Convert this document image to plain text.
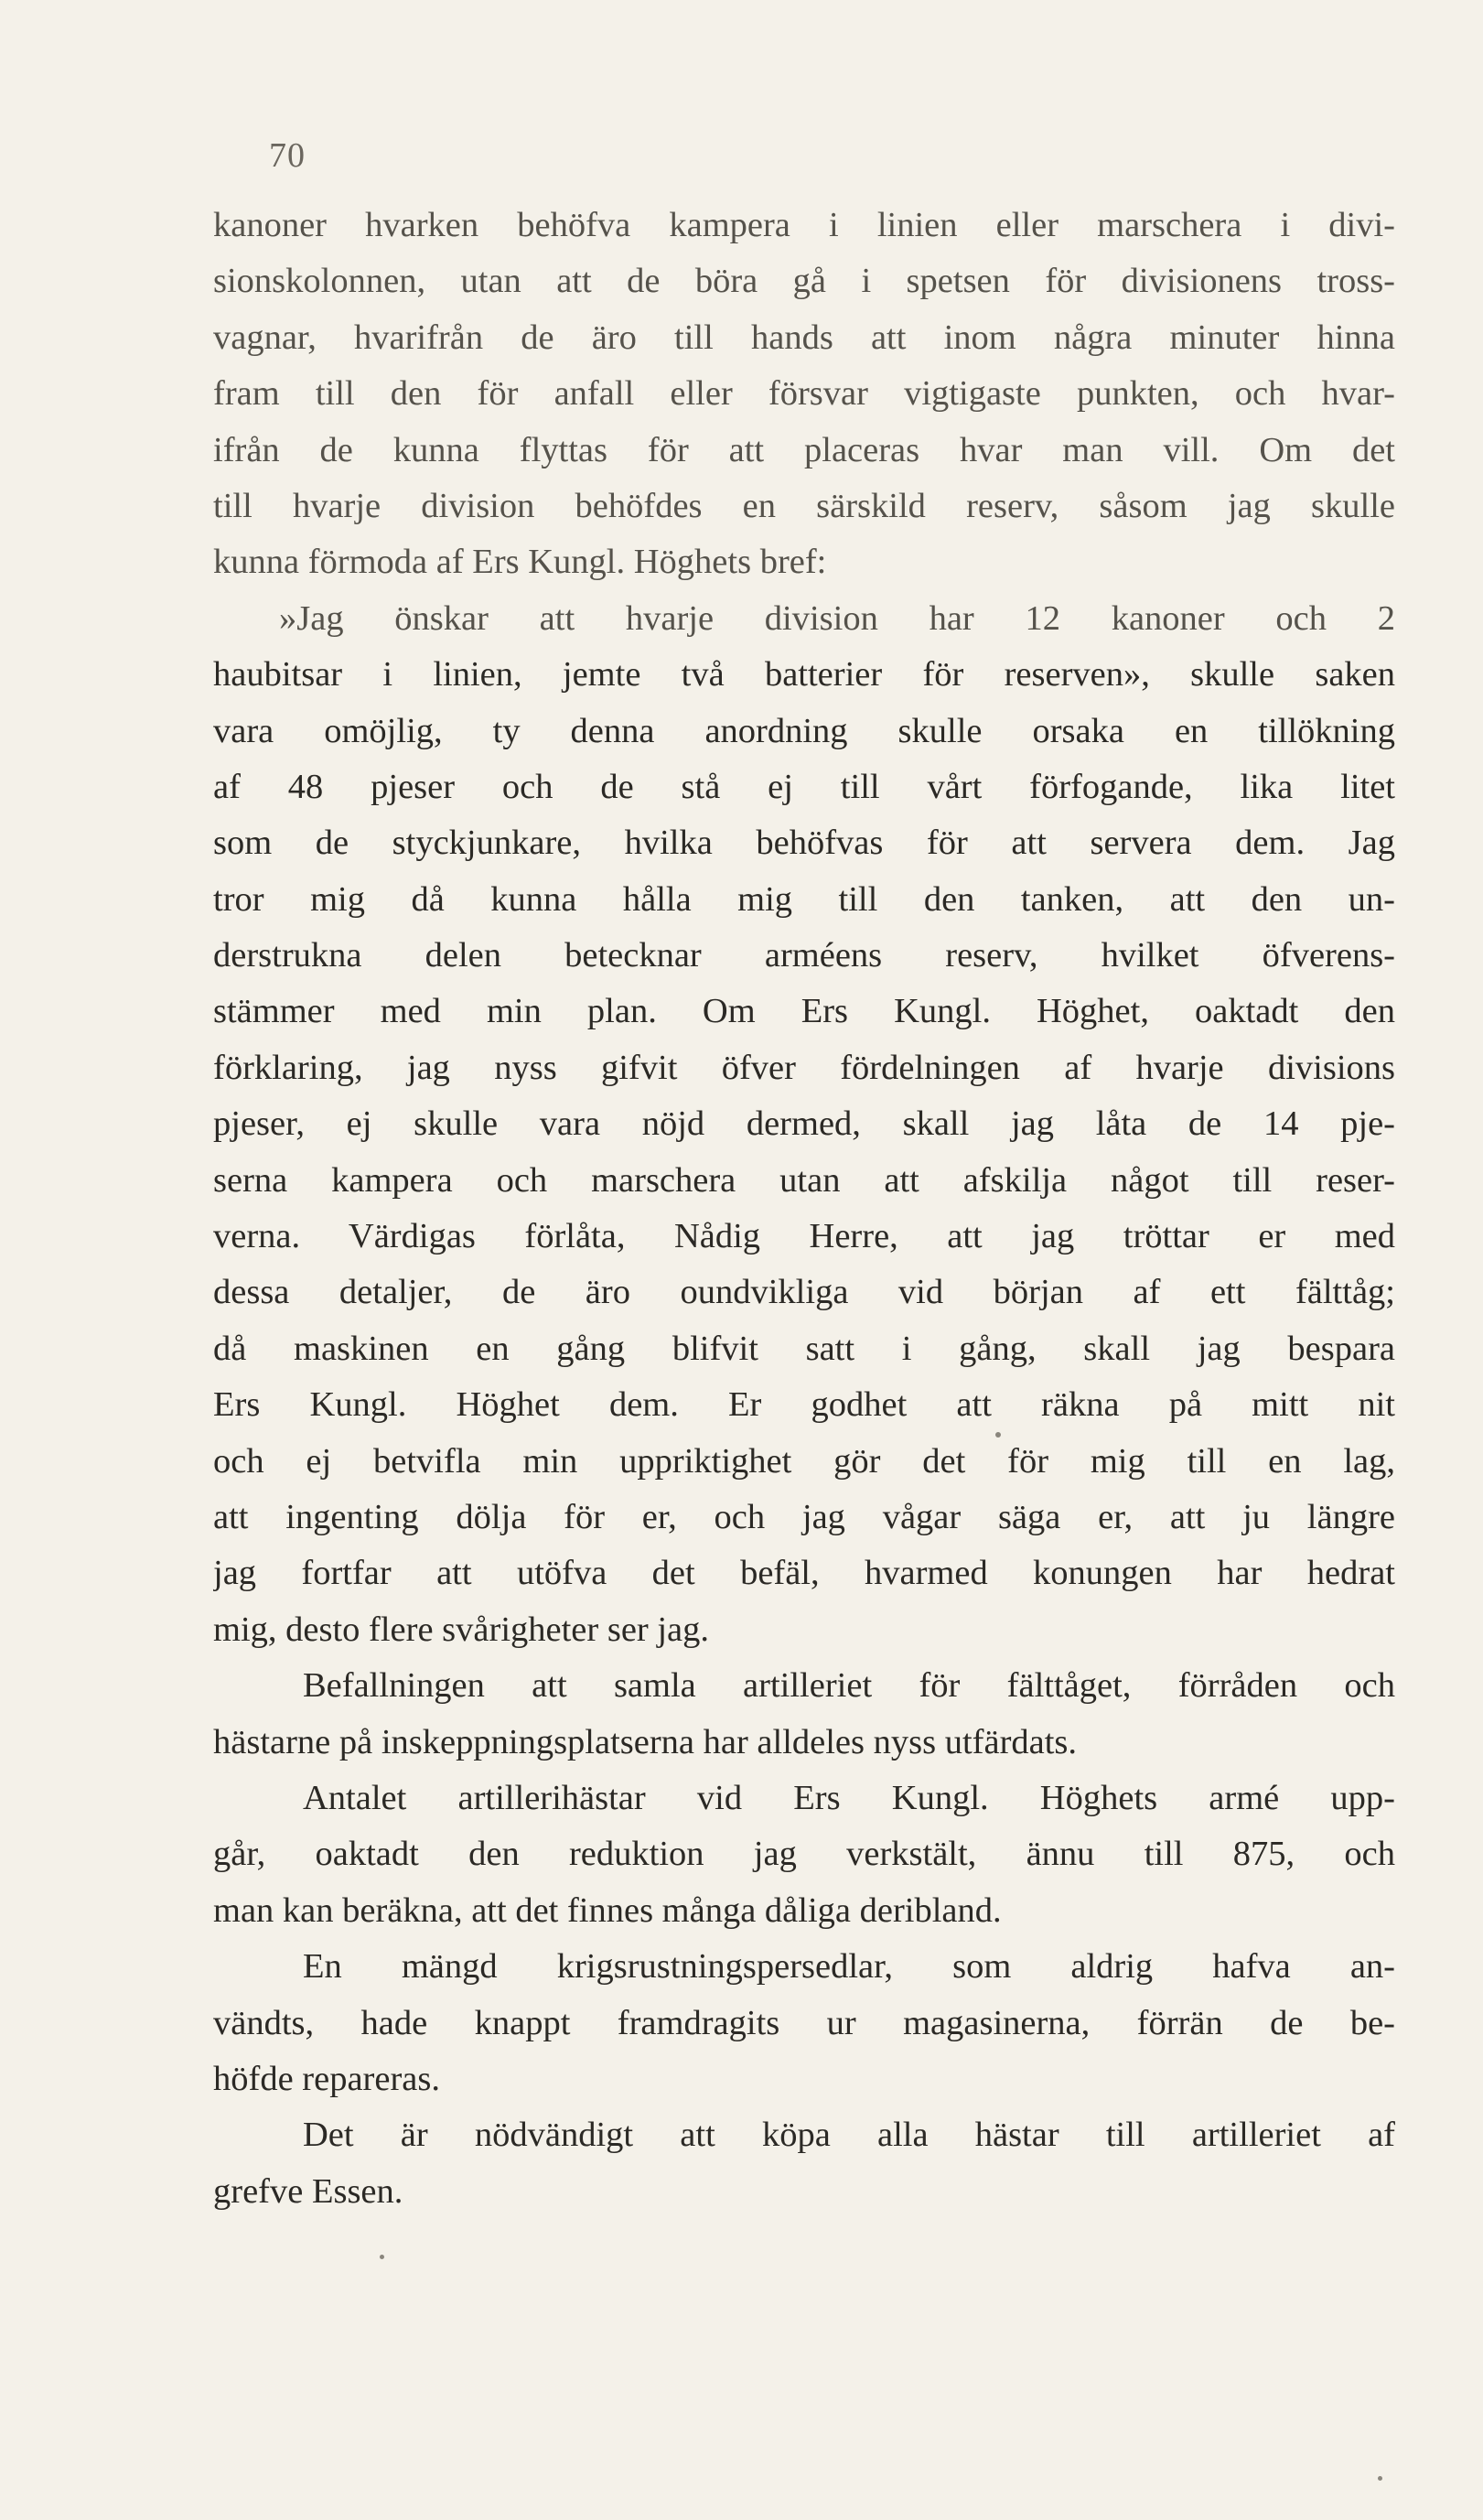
70
kanoner hvarken behöfva kampera i linien eller marschera i divi-
sionskolonnen, utan att de böra gå i spetsen för divisionens tross-
vagnar, hvarifrån de äro till hands att inom några minuter hinna
fram till den för anfall eller försvar vigtigaste punkten, och hvar-
ifrån de kunna flyttas för att placeras hvar man vill. Om det
till hvarje division behöfdes en särskild reserv, såsom jag skulle
kunna förmoda af Ers Kungl. Höghets bref:
»Jag önskar att hvarje division har 12 kanoner och 2
haubitsar i linien, jemte två batterier för reserven», skulle saken
vara omöjlig, ty denna anordning skulle orsaka en tillökning
af 48 pjeser och de stå ej till vårt förfogande, lika litet
som de styckjunkare, hvilka behöfvas för att servera dem. Jag
tror mig då kunna hålla mig till den tanken, att den un-
derstrukna delen betecknar arméens reserv, hvilket öfverens-
stämmer med min plan. Om Ers Kungl. Höghet, oaktadt den
förklaring, jag nyss gifvit öfver fördelningen af hvarje divisions
pjeser, ej skulle vara nöjd dermed, skall jag låta de 14 pje-
serna kampera och marschera utan att afskilja något till reser-
verna. Värdigas förlåta, Nådig Herre, att jag tröttar er med
dessa detaljer, de äro oundvikliga vid början af ett fälttåg;
då maskinen en gång blifvit satt i gång, skall jag bespara
Ers Kungl. Höghet dem. Er godhet att räkna på mitt nit
och ej betvifla min uppriktighet gör det för mig till en lag,
att ingenting dölja för er, och jag vågar säga er, att ju längre
jag fortfar att utöfva det befäl, hvarmed konungen har hedrat
mig, desto flere svårigheter ser jag.
Befallningen att samla artilleriet för fälttåget, förråden och
hästarne på inskeppningsplatserna har alldeles nyss utfärdats.
Antalet artillerihästar vid Ers Kungl. Höghets armé upp-
går, oaktadt den reduktion jag verkstält, ännu till 875, och
man kan beräkna, att det finnes många dåliga deribland.
En mängd krigsrustningspersedlar, som aldrig hafva an-
vändts, hade knappt framdragits ur magasinerna, förrän de be-
höfde repareras.
Det är nödvändigt att köpa alla hästar till artilleriet af
grefve Essen.
